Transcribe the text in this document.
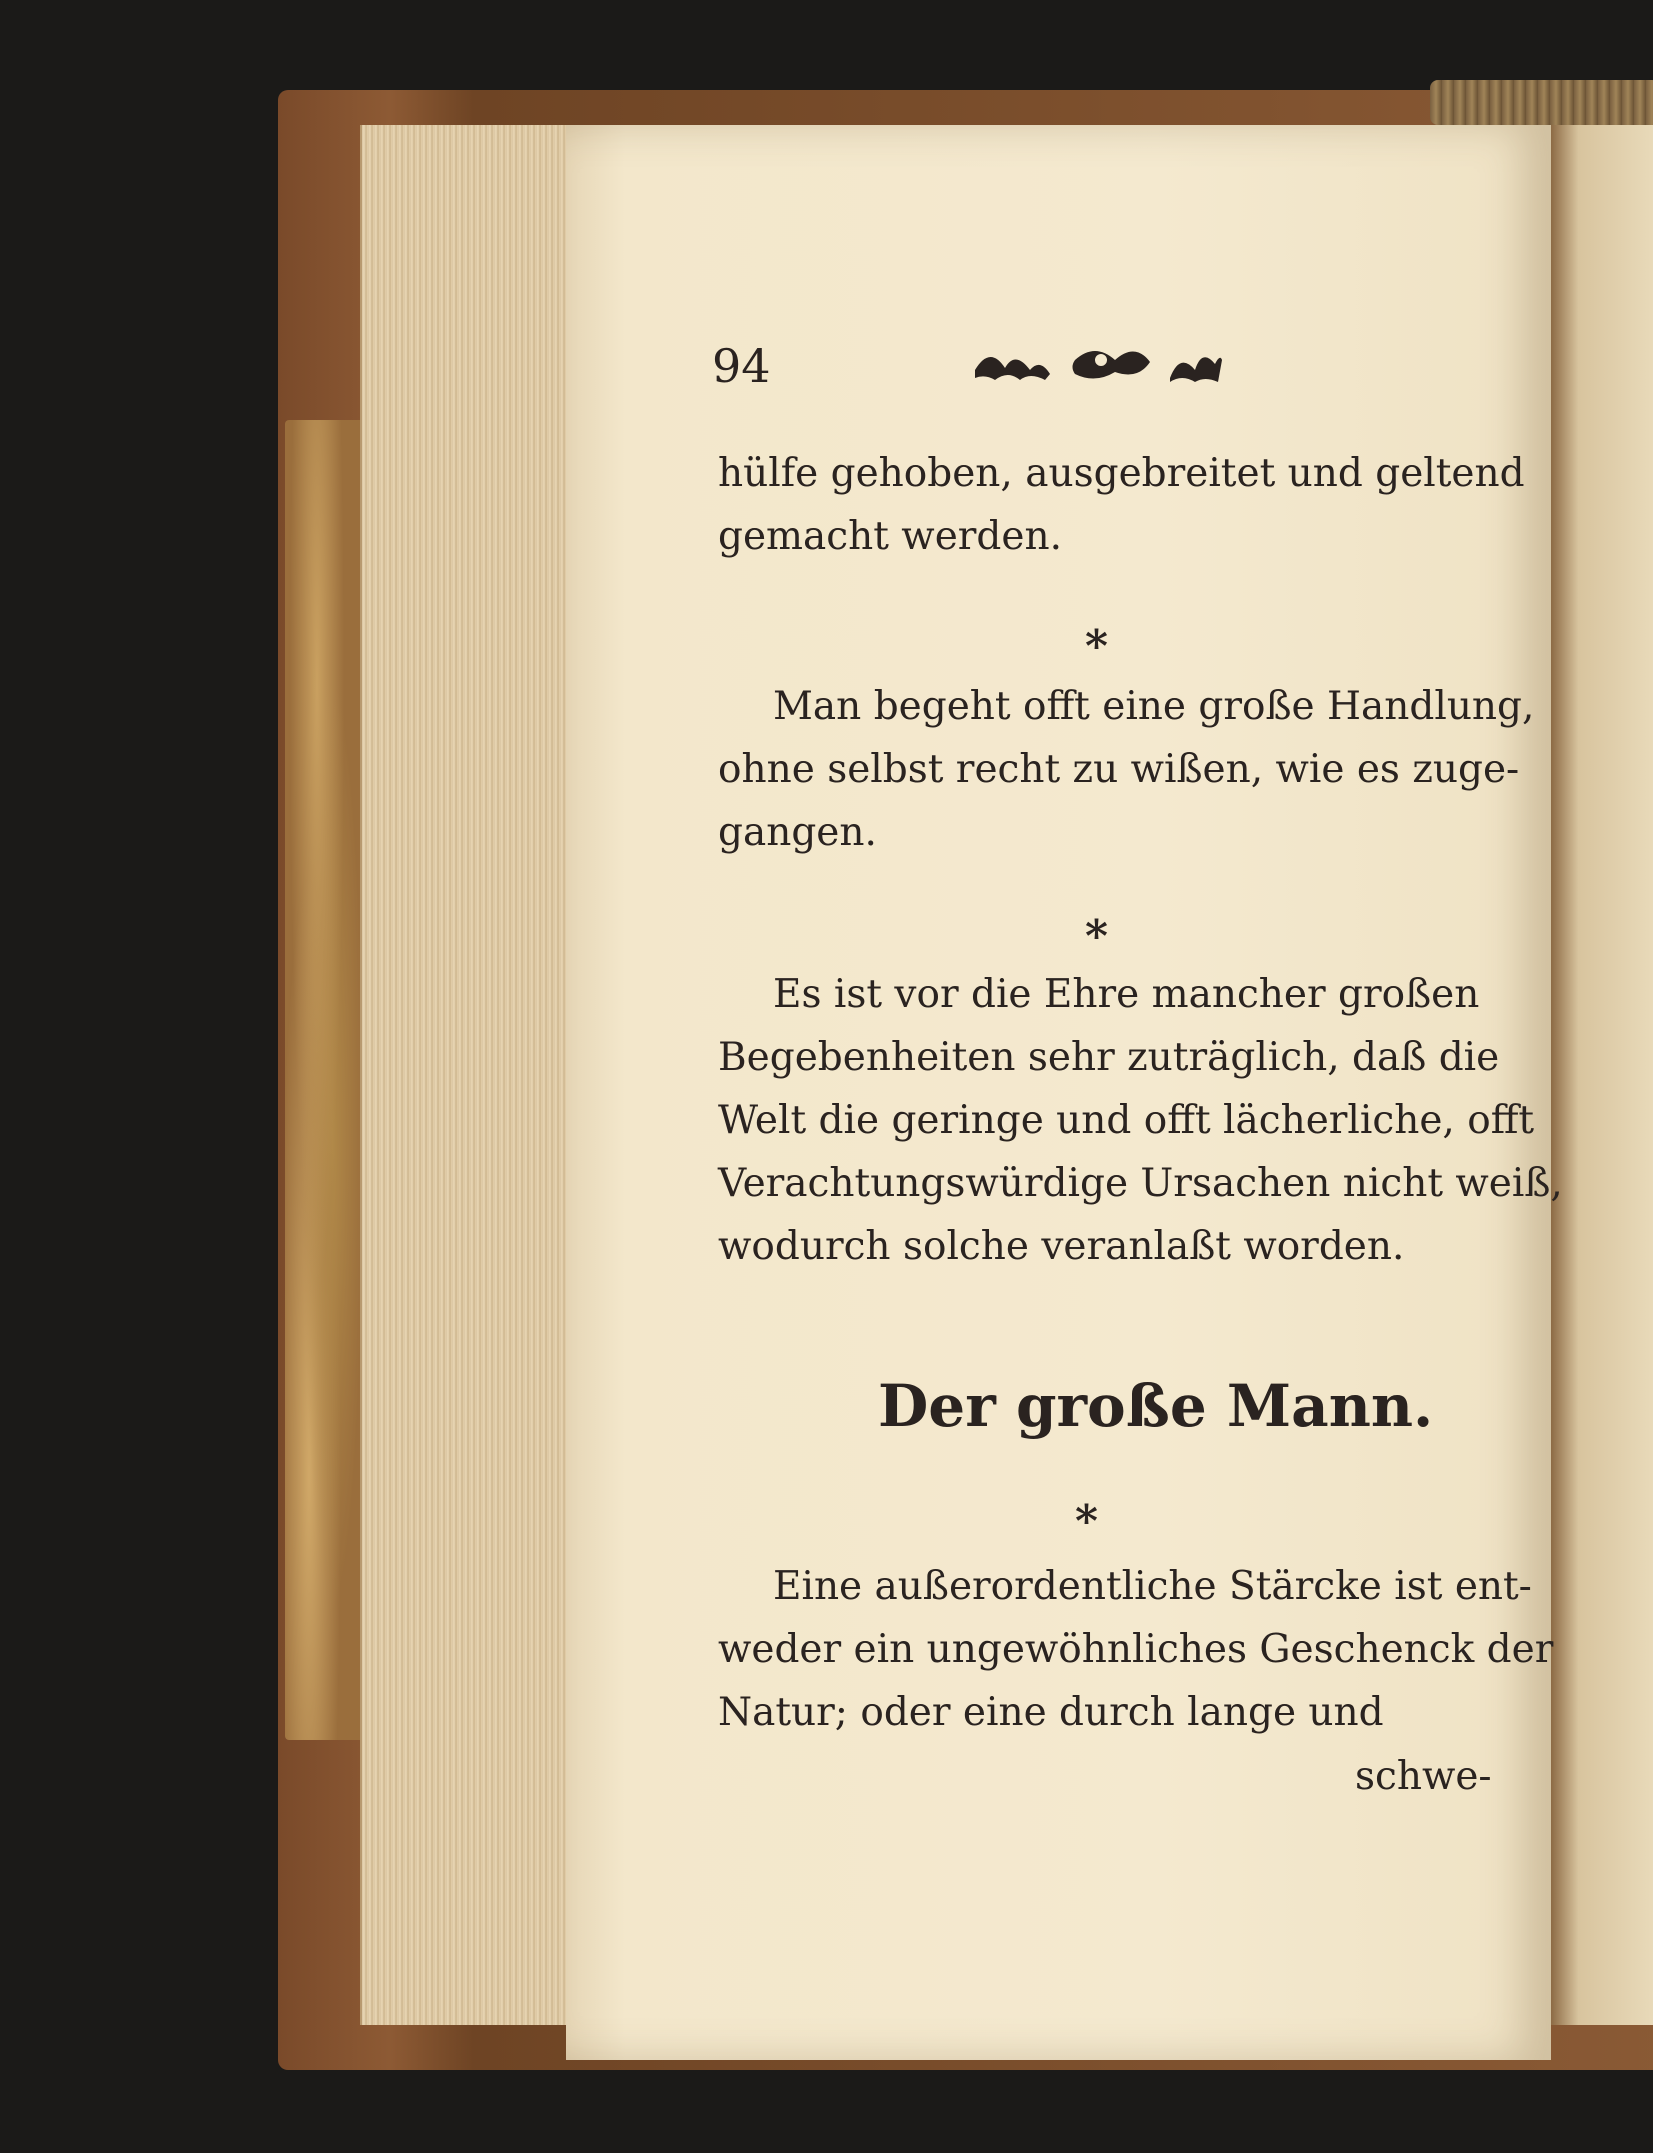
94
hülfe gehoben, ausgebreitet und geltend
gemacht werden.
*
Man begeht offt eine große Handlung,
ohne selbst recht zu wißen, wie es zuge-
gangen.
*
Es ist vor die Ehre mancher großen
Begebenheiten sehr zuträglich, daß die
Welt die geringe und offt lächerliche, offt
Verachtungswürdige Ursachen nicht weiß,
wodurch solche veranlaßt worden.
Der große Mann.
*
Eine außerordentliche Stärcke ist ent-
weder ein ungewöhnliches Geschenck der
Natur; oder eine durch lange und
schwe-
